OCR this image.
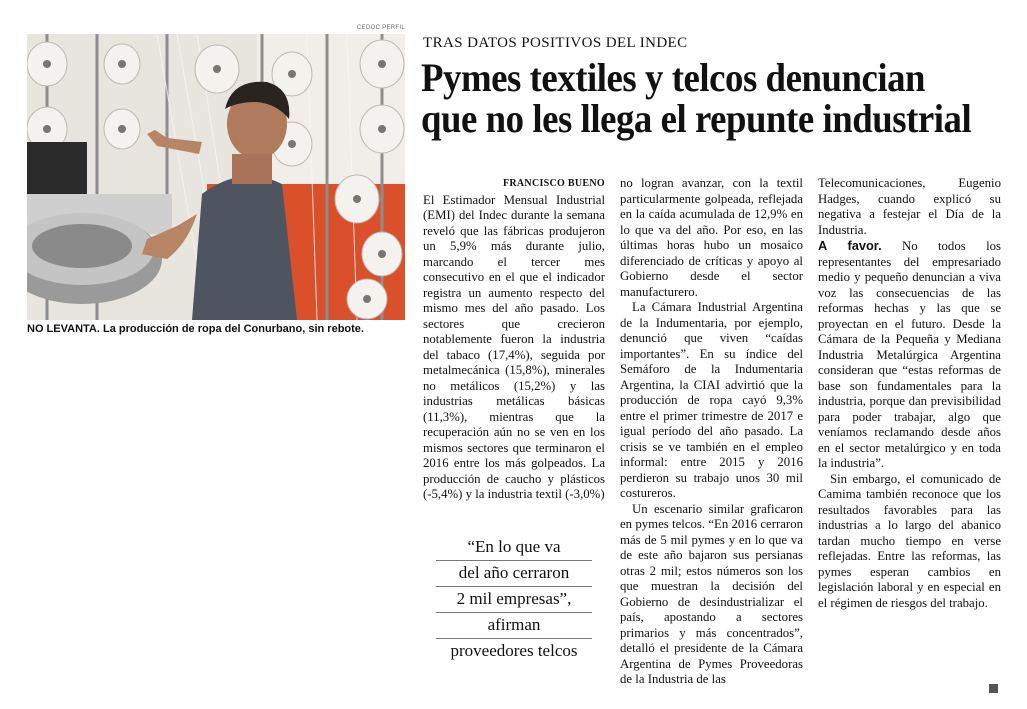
CEDOC PERFIL
NO LEVANTA. La producción de ropa del Conurbano, sin rebote.
TRAS DATOS POSITIVOS DEL INDEC
Pymes textiles y telcos denuncian
que no les llega el repunte industrial

FRANCISCO BUENO

El Estimador Mensual Industrial (EMI) del Indec durante la semana reveló que las fábricas produjeron un 5,9% más durante julio, marcando el tercer mes consecutivo en el que el indicador registra un aumento respecto del mismo mes del año pasado. Los sectores que crecieron notablemente fueron la industria del tabaco (17,4%), seguida por metalmecánica (15,8%), minerales no metálicos (15,2%) y las industrias metálicas básicas (11,3%), mientras que la recuperación aún no se ven en los mismos sectores que terminaron el 2016 entre los más golpeados. La producción de caucho y plásticos (-5,4%) y la industria textil (-3,0%)

no logran avanzar, con la textil particularmente golpeada, reflejada en la caída acumulada de 12,9% en lo que va del año. Por eso, en las últimas horas hubo un mosaico diferenciado de críticas y apoyo al Gobierno desde el sector manufacturero.

La Cámara Industrial Argentina de la Indumentaria, por ejemplo, denunció que viven “caídas importantes”. En su índice del Semáforo de la Indumentaria Argentina, la CIAI advirtió que la producción de ropa cayó 9,3% entre el primer trimestre de 2017 e igual período del año pasado. La crisis se ve también en el empleo informal: entre 2015 y 2016 perdieron su trabajo unos 30 mil costureros.

Un escenario similar graficaron en pymes telcos. “En 2016 cerraron más de 5 mil pymes y en lo que va de este año bajaron sus persianas otras 2 mil; estos números son los que muestran la decisión del Gobierno de desindustrializar el país, apostando a sectores primarios y más concentrados”, detalló el presidente de la Cámara Argentina de Pymes Proveedoras de la Industria de las

Telecomunicaciones, Eugenio Hadges, cuando explicó su negativa a festejar el Día de la Industria.

A favor. No todos los representantes del empresariado medio y pequeño denuncian a viva voz las consecuencias de las reformas hechas y las que se proyectan en el futuro. Desde la Cámara de la Pequeña y Mediana Industria Metalúrgica Argentina consideran que “estas reformas de base son fundamentales para la industria, porque dan previsibilidad para poder trabajar, algo que veníamos reclamando desde años en el sector metalúrgico y en toda la industria”.

Sin embargo, el comunicado de Camima también reconoce que los resultados favorables para las industrias a lo largo del abanico tardan mucho tiempo en verse reflejadas. Entre las reformas, las pymes esperan cambios en legislación laboral y en especial en el régimen de riesgos del trabajo.

“En lo que va
del año cerraron
2 mil empresas”,
afirman
proveedores telcos
